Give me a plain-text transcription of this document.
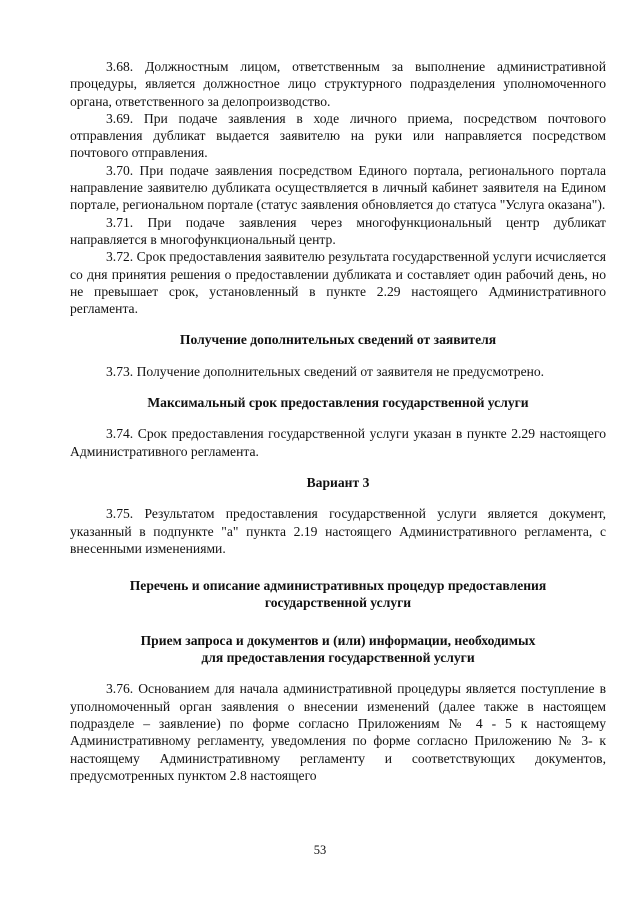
3.68. Должностным лицом, ответственным за выполнение административной процедуры, является должностное лицо структурного подразделения уполномоченного органа, ответственного за делопроизводство.

3.69. При подаче заявления в ходе личного приема, посредством почтового отправления дубликат выдается заявителю на руки или направляется посредством почтового отправления.

3.70. При подаче заявления посредством Единого портала, регионального портала направление заявителю дубликата осуществляется в личный кабинет заявителя на Едином портале, региональном портале (статус заявления обновляется до статуса "Услуга оказана").

3.71. При подаче заявления через многофункциональный центр дубликат направляется в многофункциональный центр.

3.72. Срок предоставления заявителю результата государственной услуги исчисляется со дня принятия решения о предоставлении дубликата и составляет один рабочий день, но не превышает срок, установленный в пункте 2.29 настоящего Административного регламента.

Получение дополнительных сведений от заявителя

3.73. Получение дополнительных сведений от заявителя не предусмотрено.

Максимальный срок предоставления государственной услуги

3.74. Срок предоставления государственной услуги указан в пункте 2.29 настоящего Административного регламента.

Вариант 3

3.75. Результатом предоставления государственной услуги является документ, указанный в подпункте "а" пункта 2.19 настоящего Административного регламента, с внесенными изменениями.

Перечень и описание административных процедур предоставления

государственной услуги

Прием запроса и документов и (или) информации, необходимых

для предоставления государственной услуги

3.76. Основанием для начала административной процедуры является поступление в уполномоченный орган заявления о внесении изменений (далее также в настоящем подразделе – заявление) по форме согласно Приложениям № 4 - 5 к настоящему Административному регламенту, уведомления по форме согласно Приложению № 3- к настоящему Административному регламенту и соответствующих документов, предусмотренных пунктом 2.8 настоящего

53
